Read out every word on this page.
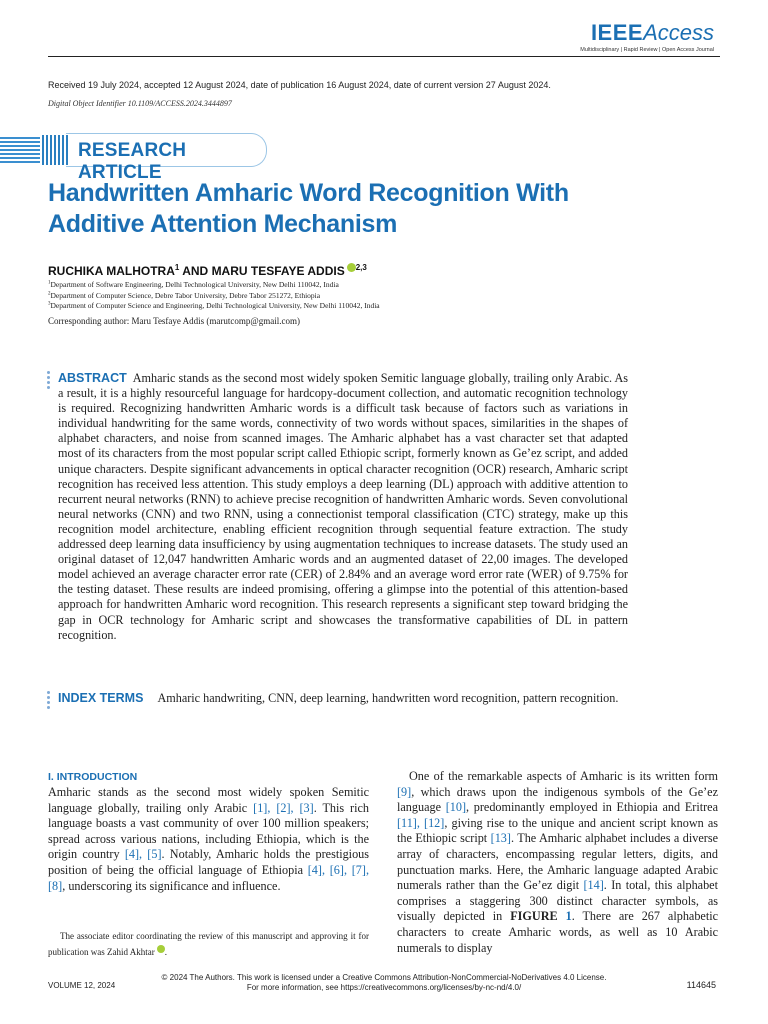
IEEEAccess
Multidisciplinary | Rapid Review | Open Access Journal
Received 19 July 2024, accepted 12 August 2024, date of publication 16 August 2024, date of current version 27 August 2024.
Digital Object Identifier 10.1109/ACCESS.2024.3444897
RESEARCH ARTICLE
Handwritten Amharic Word Recognition With
Additive Attention Mechanism
RUCHIKA MALHOTRA$^1$ AND MARU TESFAYE ADDIS $^{2,3}$
$^1$Department of Software Engineering, Delhi Technological University, New Delhi 110042, India
$^2$Department of Computer Science, Debre Tabor University, Debre Tabor 251272, Ethiopia
$^3$Department of Computer Science and Engineering, Delhi Technological University, New Delhi 110042, India
Corresponding author: Maru Tesfaye Addis (marutcomp@gmail.com)
ABSTRACT Amharic stands as the second most widely spoken Semitic language globally, trailing only Arabic. As a result, it is a highly resourceful language for hardcopy-document collection, and automatic recognition technology is required. Recognizing handwritten Amharic words is a difficult task because of factors such as variations in individual handwriting for the same words, connectivity of two words without spaces, similarities in the shapes of alphabet characters, and noise from scanned images. The Amharic alphabet has a vast character set that adapted most of its characters from the most popular script called Ethiopic script, formerly known as Ge’ez script, and added unique characters. Despite significant advancements in optical character recognition (OCR) research, Amharic script recognition has received less attention. This study employs a deep learning (DL) approach with additive attention to recurrent neural networks (RNN) to achieve precise recognition of handwritten Amharic words. Seven convolutional neural networks (CNN) and two RNN, using a connectionist temporal classification (CTC) strategy, make up this recognition model architecture, enabling efficient recognition through sequential feature extraction. The study addressed deep learning data insufficiency by using augmentation techniques to increase datasets. The study used an original dataset of 12,047 handwritten Amharic words and an augmented dataset of 22,00 images. The developed model achieved an average character error rate (CER) of 2.84% and an average word error rate (WER) of 9.75% for the testing dataset. These results are indeed promising, offering a glimpse into the potential of this attention-based approach for handwritten Amharic word recognition. This research represents a significant step toward bridging the gap in OCR technology for Amharic script and showcases the transformative capabilities of DL in pattern recognition.
INDEX TERMS Amharic handwriting, CNN, deep learning, handwritten word recognition, pattern recognition.
I. INTRODUCTION
Amharic stands as the second most widely spoken Semitic language globally, trailing only Arabic [1], [2], [3]. This rich language boasts a vast community of over 100 million speakers; spread across various nations, including Ethiopia, which is the origin country [4], [5]. Notably, Amharic holds the prestigious position of being the official language of Ethiopia [4], [6], [7], [8], underscoring its significance and influence.
The associate editor coordinating the review of this manuscript and approving it for publication was Zahid Akhtar .
One of the remarkable aspects of Amharic is its written form [9], which draws upon the indigenous symbols of the Ge’ez language [10], predominantly employed in Ethiopia and Eritrea [11], [12], giving rise to the unique and ancient script known as the Ethiopic script [13]. The Amharic alphabet includes a diverse array of characters, encompassing regular letters, digits, and punctuation marks. Here, the Amharic language adapted Arabic numerals rather than the Ge’ez digit [14]. In total, this alphabet comprises a staggering 300 distinct character symbols, as visually depicted in FIGURE 1. There are 267 alphabetic characters to create Amharic words, as well as 10 Arabic numerals to display
© 2024 The Authors. This work is licensed under a Creative Commons Attribution-NonCommercial-NoDerivatives 4.0 License.
For more information, see https://creativecommons.org/licenses/by-nc-nd/4.0/
VOLUME 12, 2024	114645
